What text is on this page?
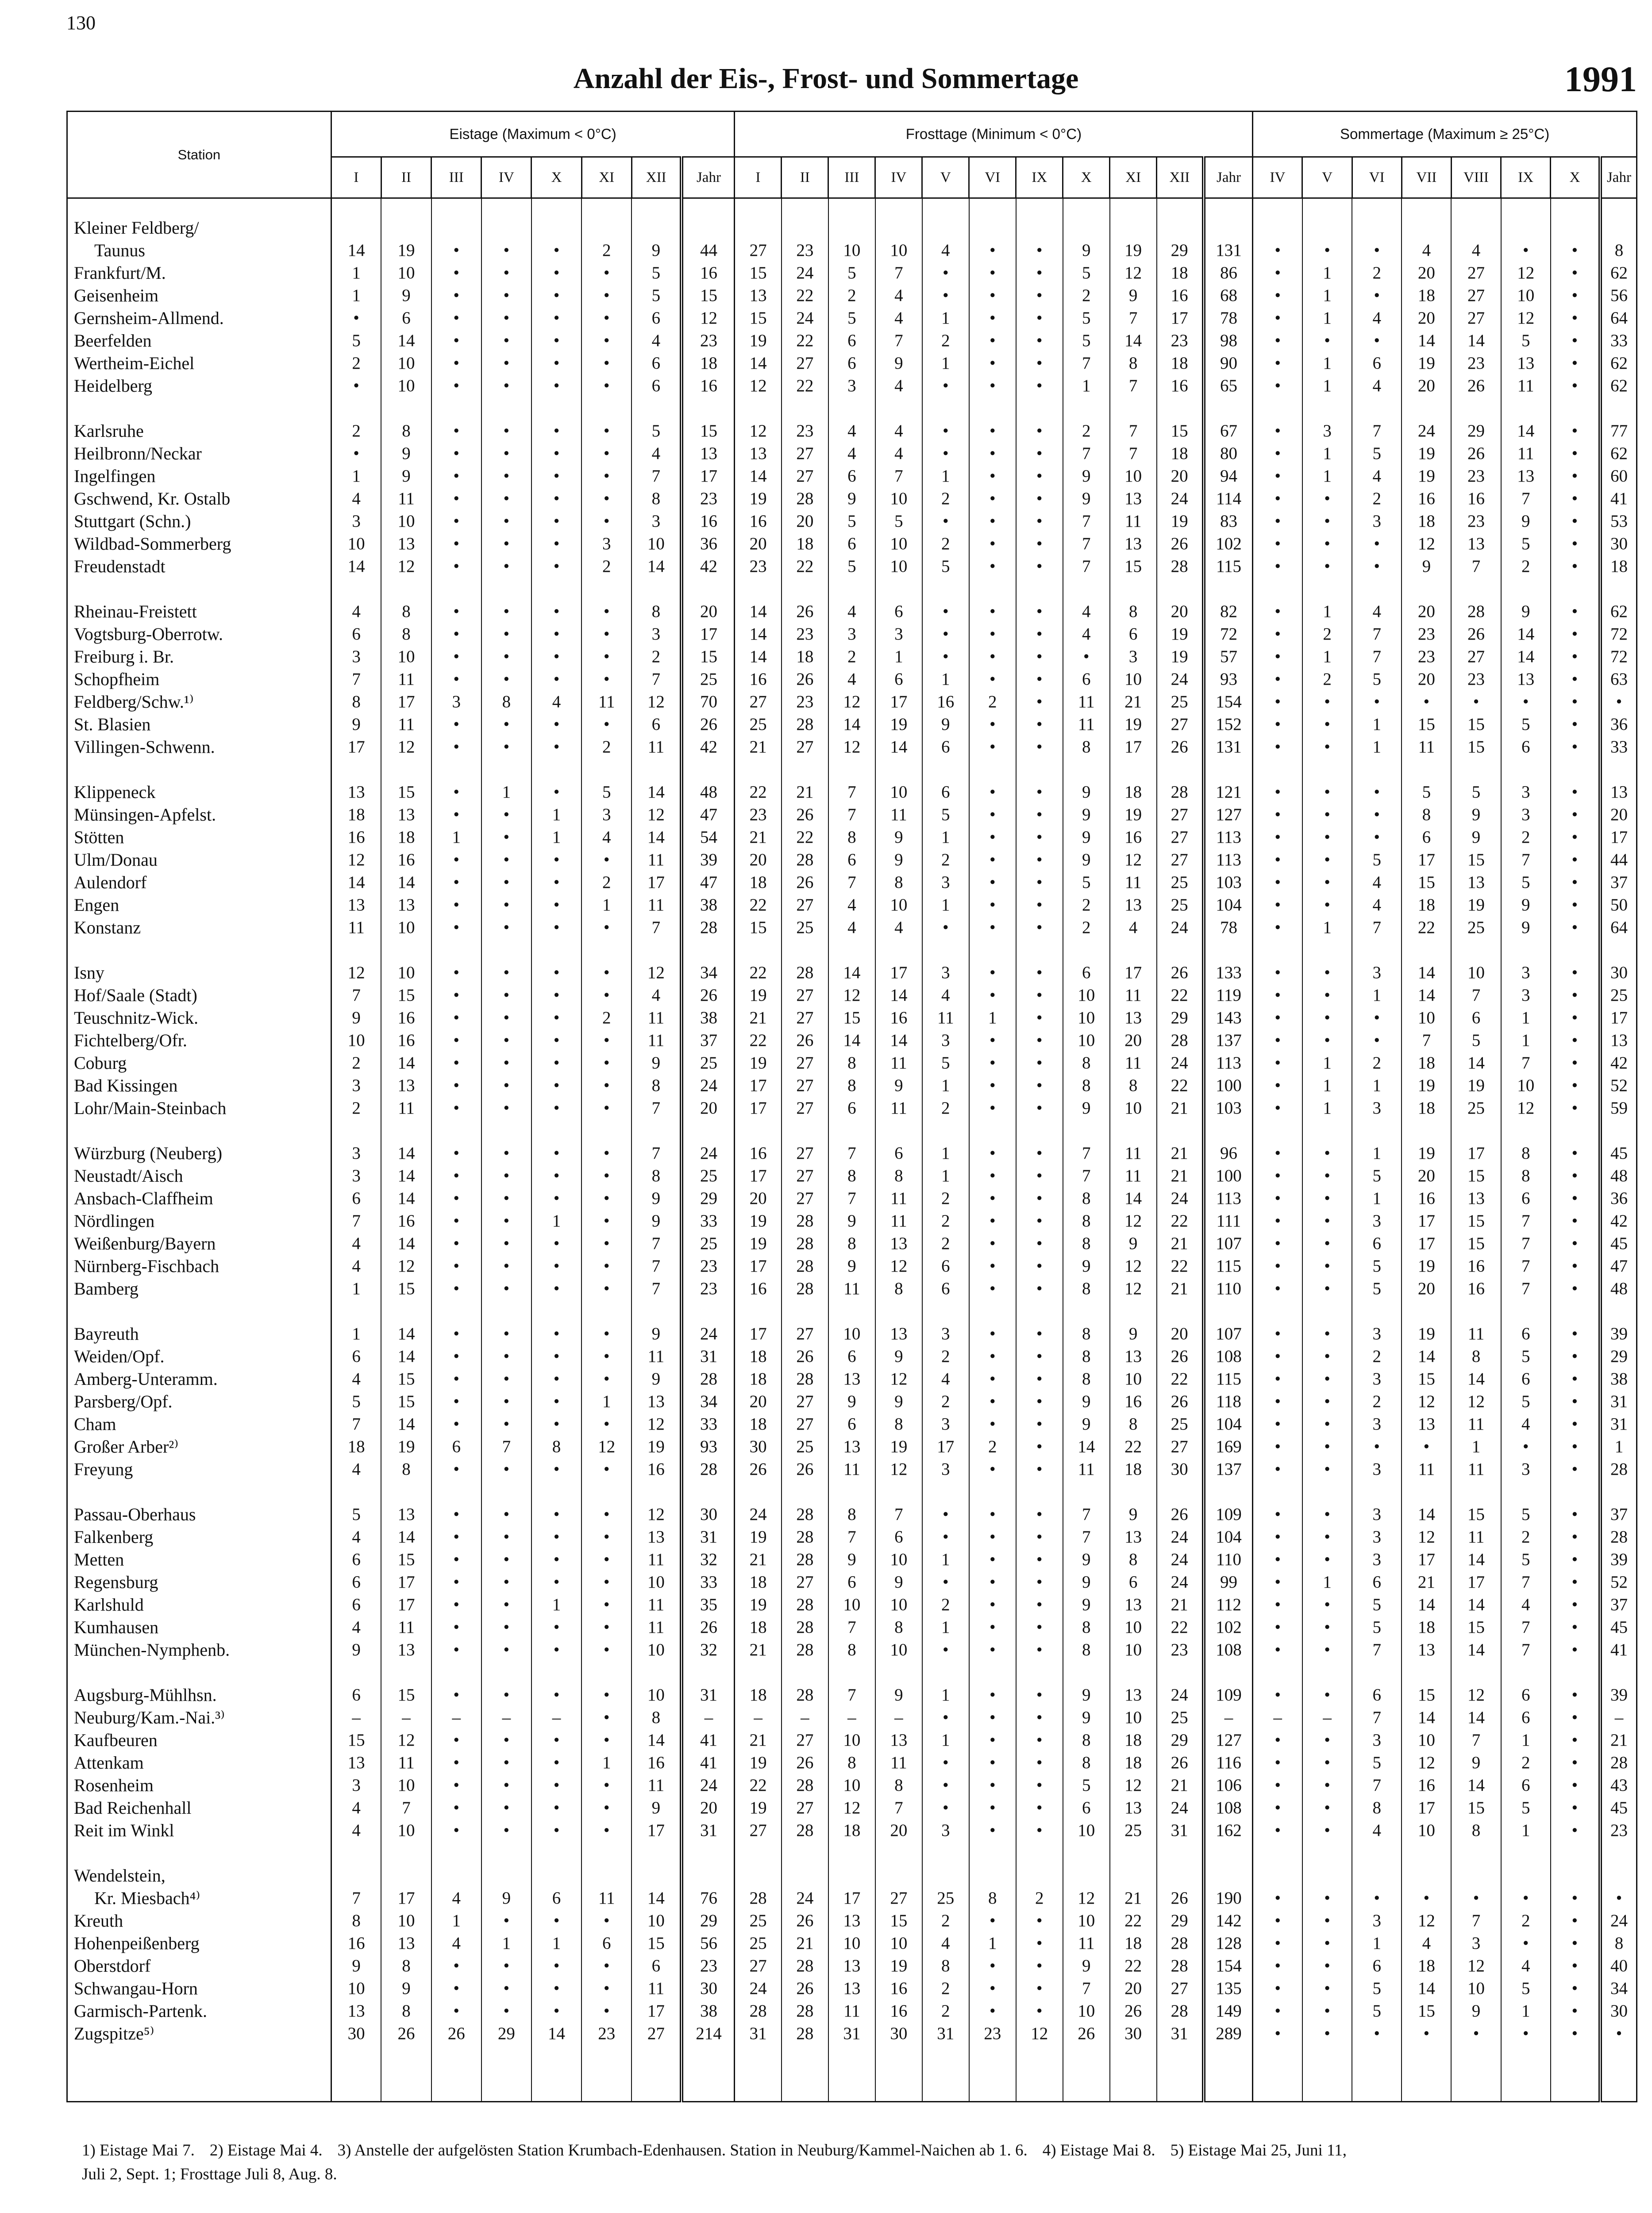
130
Anzahl der Eis-, Frost- und Sommertage	1991
Station	Eistage (Maximum < 0°C)								Frosttage (Minimum < 0°C)											Sommertage (Maximum ≥ 25°C)							
	I	II	III	IV	X	XI	XII	Jahr	I	II	III	IV	V	VI	IX	X	XI	XII	Jahr	IV	V	VI	VII	VIII	IX	X	Jahr

Kleiner Feldberg/																											
Taunus	14	19	•	•	•	2	9	44	27	23	10	10	4	•	•	9	19	29	131	•	•	•	4	4	•	•	8
Frankfurt/M.	1	10	•	•	•	•	5	16	15	24	5	7	•	•	•	5	12	18	86	•	1	2	20	27	12	•	62
Geisenheim	1	9	•	•	•	•	5	15	13	22	2	4	•	•	•	2	9	16	68	•	1	•	18	27	10	•	56
Gernsheim-Allmend.	•	6	•	•	•	•	6	12	15	24	5	4	1	•	•	5	7	17	78	•	1	4	20	27	12	•	64
Beerfelden	5	14	•	•	•	•	4	23	19	22	6	7	2	•	•	5	14	23	98	•	•	•	14	14	5	•	33
Wertheim-Eichel	2	10	•	•	•	•	6	18	14	27	6	9	1	•	•	7	8	18	90	•	1	6	19	23	13	•	62
Heidelberg	•	10	•	•	•	•	6	16	12	22	3	4	•	•	•	1	7	16	65	•	1	4	20	26	11	•	62

Karlsruhe	2	8	•	•	•	•	5	15	12	23	4	4	•	•	•	2	7	15	67	•	3	7	24	29	14	•	77
Heilbronn/Neckar	•	9	•	•	•	•	4	13	13	27	4	4	•	•	•	7	7	18	80	•	1	5	19	26	11	•	62
Ingelfingen	1	9	•	•	•	•	7	17	14	27	6	7	1	•	•	9	10	20	94	•	1	4	19	23	13	•	60
Gschwend, Kr. Ostalb	4	11	•	•	•	•	8	23	19	28	9	10	2	•	•	9	13	24	114	•	•	2	16	16	7	•	41
Stuttgart (Schn.)	3	10	•	•	•	•	3	16	16	20	5	5	•	•	•	7	11	19	83	•	•	3	18	23	9	•	53
Wildbad-Sommerberg	10	13	•	•	•	3	10	36	20	18	6	10	2	•	•	7	13	26	102	•	•	•	12	13	5	•	30
Freudenstadt	14	12	•	•	•	2	14	42	23	22	5	10	5	•	•	7	15	28	115	•	•	•	9	7	2	•	18

Rheinau-Freistett	4	8	•	•	•	•	8	20	14	26	4	6	•	•	•	4	8	20	82	•	1	4	20	28	9	•	62
Vogtsburg-Oberrotw.	6	8	•	•	•	•	3	17	14	23	3	3	•	•	•	4	6	19	72	•	2	7	23	26	14	•	72
Freiburg i. Br.	3	10	•	•	•	•	2	15	14	18	2	1	•	•	•	•	3	19	57	•	1	7	23	27	14	•	72
Schopfheim	7	11	•	•	•	•	7	25	16	26	4	6	1	•	•	6	10	24	93	•	2	5	20	23	13	•	63
Feldberg/Schw.¹⁾	8	17	3	8	4	11	12	70	27	23	12	17	16	2	•	11	21	25	154	•	•	•	•	•	•	•	•
St. Blasien	9	11	•	•	•	•	6	26	25	28	14	19	9	•	•	11	19	27	152	•	•	1	15	15	5	•	36
Villingen-Schwenn.	17	12	•	•	•	2	11	42	21	27	12	14	6	•	•	8	17	26	131	•	•	1	11	15	6	•	33

Klippeneck	13	15	•	1	•	5	14	48	22	21	7	10	6	•	•	9	18	28	121	•	•	•	5	5	3	•	13
Münsingen-Apfelst.	18	13	•	•	1	3	12	47	23	26	7	11	5	•	•	9	19	27	127	•	•	•	8	9	3	•	20
Stötten	16	18	1	•	1	4	14	54	21	22	8	9	1	•	•	9	16	27	113	•	•	•	6	9	2	•	17
Ulm/Donau	12	16	•	•	•	•	11	39	20	28	6	9	2	•	•	9	12	27	113	•	•	5	17	15	7	•	44
Aulendorf	14	14	•	•	•	2	17	47	18	26	7	8	3	•	•	5	11	25	103	•	•	4	15	13	5	•	37
Engen	13	13	•	•	•	1	11	38	22	27	4	10	1	•	•	2	13	25	104	•	•	4	18	19	9	•	50
Konstanz	11	10	•	•	•	•	7	28	15	25	4	4	•	•	•	2	4	24	78	•	1	7	22	25	9	•	64

Isny	12	10	•	•	•	•	12	34	22	28	14	17	3	•	•	6	17	26	133	•	•	3	14	10	3	•	30
Hof/Saale (Stadt)	7	15	•	•	•	•	4	26	19	27	12	14	4	•	•	10	11	22	119	•	•	1	14	7	3	•	25
Teuschnitz-Wick.	9	16	•	•	•	2	11	38	21	27	15	16	11	1	•	10	13	29	143	•	•	•	10	6	1	•	17
Fichtelberg/Ofr.	10	16	•	•	•	•	11	37	22	26	14	14	3	•	•	10	20	28	137	•	•	•	7	5	1	•	13
Coburg	2	14	•	•	•	•	9	25	19	27	8	11	5	•	•	8	11	24	113	•	1	2	18	14	7	•	42
Bad Kissingen	3	13	•	•	•	•	8	24	17	27	8	9	1	•	•	8	8	22	100	•	1	1	19	19	10	•	52
Lohr/Main-Steinbach	2	11	•	•	•	•	7	20	17	27	6	11	2	•	•	9	10	21	103	•	1	3	18	25	12	•	59

Würzburg (Neuberg)	3	14	•	•	•	•	7	24	16	27	7	6	1	•	•	7	11	21	96	•	•	1	19	17	8	•	45
Neustadt/Aisch	3	14	•	•	•	•	8	25	17	27	8	8	1	•	•	7	11	21	100	•	•	5	20	15	8	•	48
Ansbach-Claffheim	6	14	•	•	•	•	9	29	20	27	7	11	2	•	•	8	14	24	113	•	•	1	16	13	6	•	36
Nördlingen	7	16	•	•	1	•	9	33	19	28	9	11	2	•	•	8	12	22	111	•	•	3	17	15	7	•	42
Weißenburg/Bayern	4	14	•	•	•	•	7	25	19	28	8	13	2	•	•	8	9	21	107	•	•	6	17	15	7	•	45
Nürnberg-Fischbach	4	12	•	•	•	•	7	23	17	28	9	12	6	•	•	9	12	22	115	•	•	5	19	16	7	•	47
Bamberg	1	15	•	•	•	•	7	23	16	28	11	8	6	•	•	8	12	21	110	•	•	5	20	16	7	•	48

Bayreuth	1	14	•	•	•	•	9	24	17	27	10	13	3	•	•	8	9	20	107	•	•	3	19	11	6	•	39
Weiden/Opf.	6	14	•	•	•	•	11	31	18	26	6	9	2	•	•	8	13	26	108	•	•	2	14	8	5	•	29
Amberg-Unteramm.	4	15	•	•	•	•	9	28	18	28	13	12	4	•	•	8	10	22	115	•	•	3	15	14	6	•	38
Parsberg/Opf.	5	15	•	•	•	1	13	34	20	27	9	9	2	•	•	9	16	26	118	•	•	2	12	12	5	•	31
Cham	7	14	•	•	•	•	12	33	18	27	6	8	3	•	•	9	8	25	104	•	•	3	13	11	4	•	31
Großer Arber²⁾	18	19	6	7	8	12	19	93	30	25	13	19	17	2	•	14	22	27	169	•	•	•	•	1	•	•	1
Freyung	4	8	•	•	•	•	16	28	26	26	11	12	3	•	•	11	18	30	137	•	•	3	11	11	3	•	28

Passau-Oberhaus	5	13	•	•	•	•	12	30	24	28	8	7	•	•	•	7	9	26	109	•	•	3	14	15	5	•	37
Falkenberg	4	14	•	•	•	•	13	31	19	28	7	6	•	•	•	7	13	24	104	•	•	3	12	11	2	•	28
Metten	6	15	•	•	•	•	11	32	21	28	9	10	1	•	•	9	8	24	110	•	•	3	17	14	5	•	39
Regensburg	6	17	•	•	•	•	10	33	18	27	6	9	•	•	•	9	6	24	99	•	1	6	21	17	7	•	52
Karlshuld	6	17	•	•	1	•	11	35	19	28	10	10	2	•	•	9	13	21	112	•	•	5	14	14	4	•	37
Kumhausen	4	11	•	•	•	•	11	26	18	28	7	8	1	•	•	8	10	22	102	•	•	5	18	15	7	•	45
München-Nymphenb.	9	13	•	•	•	•	10	32	21	28	8	10	•	•	•	8	10	23	108	•	•	7	13	14	7	•	41

Augsburg-Mühlhsn.	6	15	•	•	•	•	10	31	18	28	7	9	1	•	•	9	13	24	109	•	•	6	15	12	6	•	39
Neuburg/Kam.-Nai.³⁾	–	–	–	–	–	•	8	–	–	–	–	–	•	•	•	9	10	25	–	–	–	7	14	14	6	•	–
Kaufbeuren	15	12	•	•	•	•	14	41	21	27	10	13	1	•	•	8	18	29	127	•	•	3	10	7	1	•	21
Attenkam	13	11	•	•	•	1	16	41	19	26	8	11	•	•	•	8	18	26	116	•	•	5	12	9	2	•	28
Rosenheim	3	10	•	•	•	•	11	24	22	28	10	8	•	•	•	5	12	21	106	•	•	7	16	14	6	•	43
Bad Reichenhall	4	7	•	•	•	•	9	20	19	27	12	7	•	•	•	6	13	24	108	•	•	8	17	15	5	•	45
Reit im Winkl	4	10	•	•	•	•	17	31	27	28	18	20	3	•	•	10	25	31	162	•	•	4	10	8	1	•	23

Wendelstein,																											
Kr. Miesbach⁴⁾	7	17	4	9	6	11	14	76	28	24	17	27	25	8	2	12	21	26	190	•	•	•	•	•	•	•	•
Kreuth	8	10	1	•	•	•	10	29	25	26	13	15	2	•	•	10	22	29	142	•	•	3	12	7	2	•	24
Hohenpeißenberg	16	13	4	1	1	6	15	56	25	21	10	10	4	1	•	11	18	28	128	•	•	1	4	3	•	•	8
Oberstdorf	9	8	•	•	•	•	6	23	27	28	13	19	8	•	•	9	22	28	154	•	•	6	18	12	4	•	40
Schwangau-Horn	10	9	•	•	•	•	11	30	24	26	13	16	2	•	•	7	20	27	135	•	•	5	14	10	5	•	34
Garmisch-Partenk.	13	8	•	•	•	•	17	38	28	28	11	16	2	•	•	10	26	28	149	•	•	5	15	9	1	•	30
Zugspitze⁵⁾	30	26	26	29	14	23	27	214	31	28	31	30	31	23	12	26	30	31	289	•	•	•	•	•	•	•	•

1) Eistage Mai 7. 2) Eistage Mai 4. 3) Anstelle der aufgelösten Station Krumbach-Edenhausen. Station in Neuburg/Kammel-Naichen ab 1. 6. 4) Eistage Mai 8. 5) Eistage Mai 25, Juni 11,
Juli 2, Sept. 1; Frosttage Juli 8, Aug. 8.
